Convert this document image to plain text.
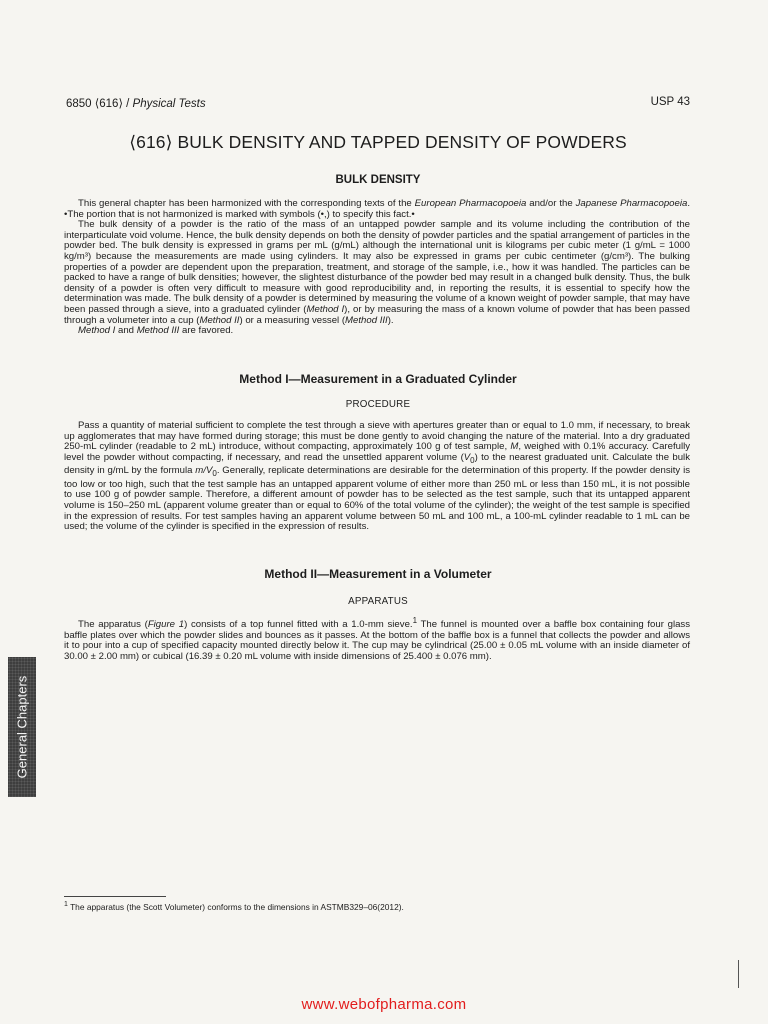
6850 ⟨616⟩ / Physical Tests	USP 43
⟨616⟩ BULK DENSITY AND TAPPED DENSITY OF POWDERS
BULK DENSITY

This general chapter has been harmonized with the corresponding texts of the European Pharmacopoeia and/or the Japanese Pharmacopoeia. •The portion that is not harmonized is marked with symbols (•,) to specify this fact.•

The bulk density of a powder is the ratio of the mass of an untapped powder sample and its volume including the contribution of the interparticulate void volume. Hence, the bulk density depends on both the density of powder particles and the spatial arrangement of particles in the powder bed. The bulk density is expressed in grams per mL (g/mL) although the international unit is kilograms per cubic meter (1 g/mL = 1000 kg/m³) because the measurements are made using cylinders. It may also be expressed in grams per cubic centimeter (g/cm³). The bulking properties of a powder are dependent upon the preparation, treatment, and storage of the sample, i.e., how it was handled. The particles can be packed to have a range of bulk densities; however, the slightest disturbance of the powder bed may result in a changed bulk density. Thus, the bulk density of a powder is often very difficult to measure with good reproducibility and, in reporting the results, it is essential to specify how the determination was made. The bulk density of a powder is determined by measuring the volume of a known weight of powder sample, that may have been passed through a sieve, into a graduated cylinder (Method I), or by measuring the mass of a known volume of powder that has been passed through a volumeter into a cup (Method II) or a measuring vessel (Method III).

Method I and Method III are favored.

Method I—Measurement in a Graduated Cylinder
PROCEDURE

Pass a quantity of material sufficient to complete the test through a sieve with apertures greater than or equal to 1.0 mm, if necessary, to break up agglomerates that may have formed during storage; this must be done gently to avoid changing the nature of the material. Into a dry graduated 250-mL cylinder (readable to 2 mL) introduce, without compacting, approximately 100 g of test sample, M, weighed with 0.1% accuracy. Carefully level the powder without compacting, if necessary, and read the unsettled apparent volume $(V_0)$ to the nearest graduated unit. Calculate the bulk density in g/mL by the formula $m/V_0$. Generally, replicate determinations are desirable for the determination of this property. If the powder density is too low or too high, such that the test sample has an untapped apparent volume of either more than 250 mL or less than 150 mL, it is not possible to use 100 g of powder sample. Therefore, a different amount of powder has to be selected as the test sample, such that its untapped apparent volume is 150–250 mL (apparent volume greater than or equal to 60% of the total volume of the cylinder); the weight of the test sample is specified in the expression of results. For test samples having an apparent volume between 50 mL and 100 mL, a 100-mL cylinder readable to 1 mL can be used; the volume of the cylinder is specified in the expression of results.

Method II—Measurement in a Volumeter
APPARATUS

The apparatus (Figure 1) consists of a top funnel fitted with a 1.0-mm sieve.$^1$ The funnel is mounted over a baffle box containing four glass baffle plates over which the powder slides and bounces as it passes. At the bottom of the baffle box is a funnel that collects the powder and allows it to pour into a cup of specified capacity mounted directly below it. The cup may be cylindrical (25.00 ± 0.05 mL volume with an inside diameter of 30.00 ± 2.00 mm) or cubical (16.39 ± 0.20 mL volume with inside dimensions of 25.400 ± 0.076 mm).

General Chapters
$^1$ The apparatus (the Scott Volumeter) conforms to the dimensions in ASTMB329–06(2012).
www.webofpharma.com
